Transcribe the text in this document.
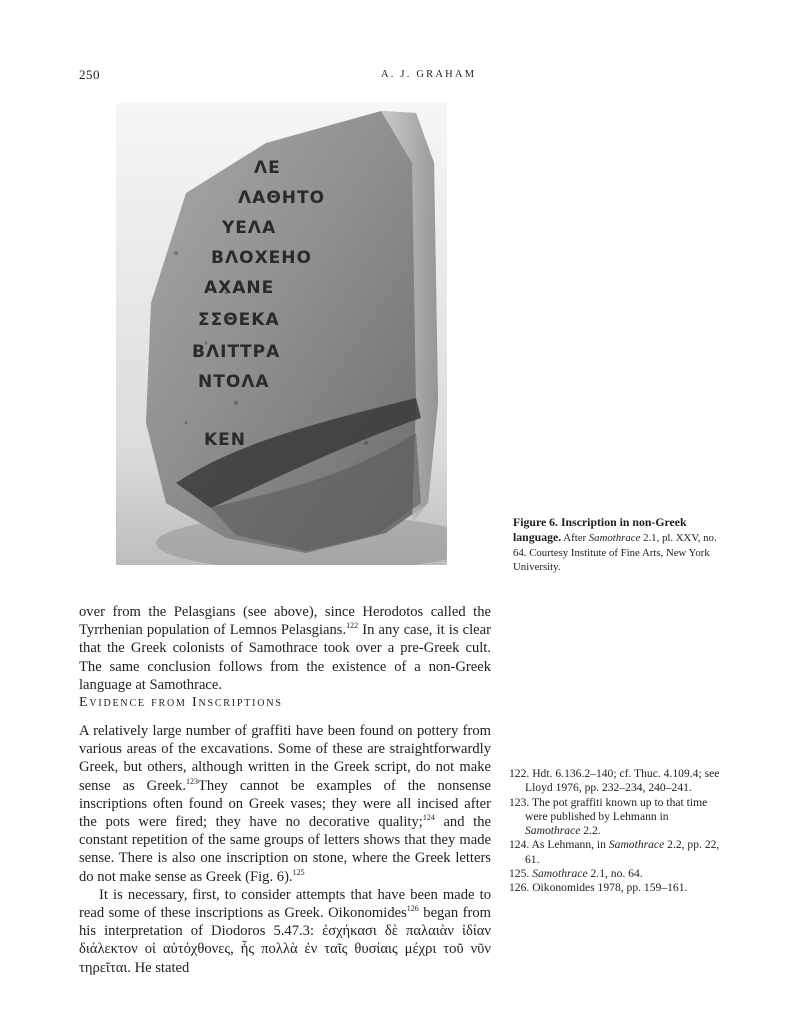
250	A. J. GRAHAM
ΛΕ
ΛΑΘΗΤΟ
ΥΕΛΑ
ΒΛΟΧΕΗΟ
ΑΧΑΝΕ
ΣΣΘΕΚΑ
ΒΛΙΤΤΡΑ
ΝΤΟΛΑ
ΚΕΝ
Figure 6. Inscription in non-Greek language. After Samothrace 2.1, pl. XXV, no. 64. Courtesy Institute of Fine Arts, New York University.

over from the Pelasgians (see above), since Herodotos called the Tyrrhenian population of Lemnos Pelasgians.$^{122}$ In any case, it is clear that the Greek colonists of Samothrace took over a pre-Greek cult. The same conclusion follows from the existence of a non-Greek language at Samothrace.

Evidence from Inscriptions

A relatively large number of graffiti have been found on pottery from various areas of the excavations. Some of these are straightforwardly Greek, but others, although written in the Greek script, do not make sense as Greek.$^{123}$They cannot be examples of the nonsense inscriptions often found on Greek vases; they were all incised after the pots were fired; they have no decorative quality;$^{124}$ and the constant repetition of the same groups of letters shows that they made sense. There is also one inscription on stone, where the Greek letters do not make sense as Greek (Fig. 6).$^{125}$

It is necessary, first, to consider attempts that have been made to read some of these inscriptions as Greek. Oikonomides$^{126}$ began from his interpretation of Diodoros 5.47.3: ἐσχήκασι δὲ παλαιὰν ἰδίαν διάλεκτον οἱ αὐτόχθονες, ἧς πολλὰ ἐν ταῖς θυσίαις μέχρι τοῦ νῦν τηρεῖται. He stated

122. Hdt. 6.136.2–140; cf. Thuc. 4.109.4; see Lloyd 1976, pp. 232–234, 240–241.
123. The pot graffiti known up to that time were published by Lehmann in Samothrace 2.2.
124. As Lehmann, in Samothrace 2.2, pp. 22, 61.
125. Samothrace 2.1, no. 64.
126. Oikonomides 1978, pp. 159–161.
